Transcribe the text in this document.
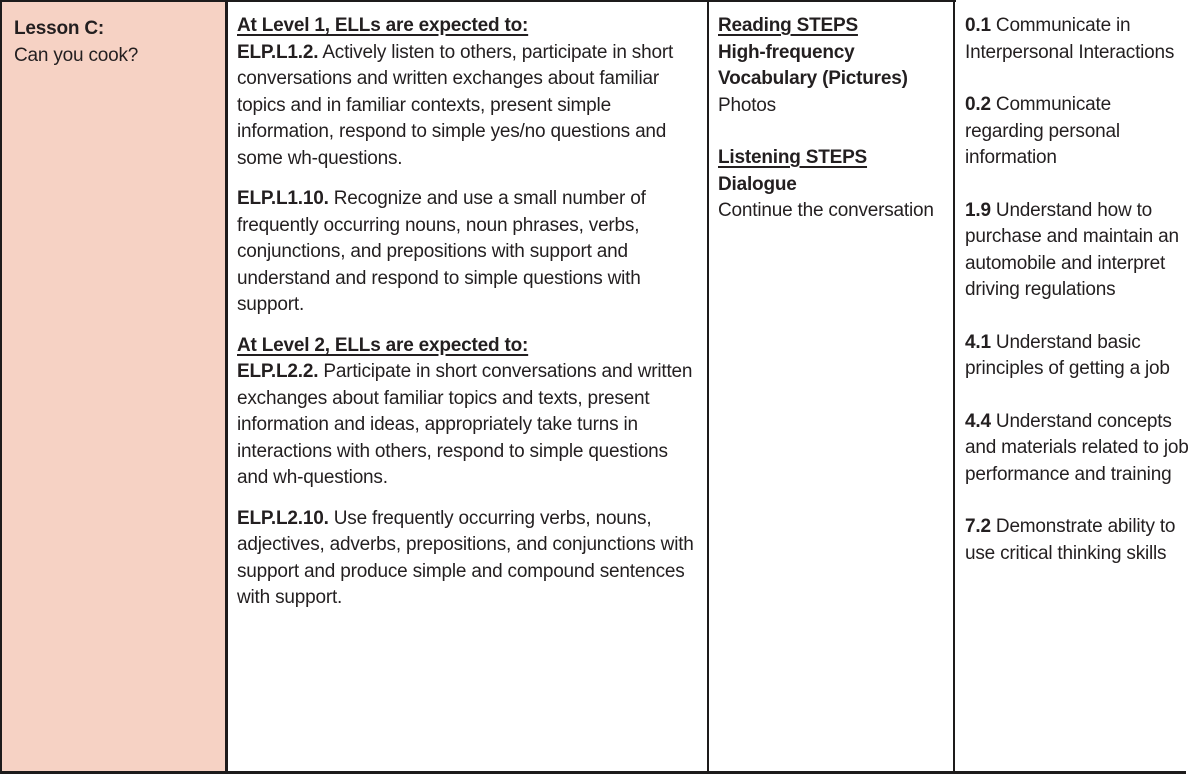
Lesson C:

Can you cook?

At Level 1, ELLs are expected to:

ELP.L1.2. Actively listen to others, participate in short conversations and written exchanges about familiar topics and in familiar contexts, present simple information, respond to simple yes/no questions and some wh-questions.

ELP.L1.10. Recognize and use a small number of frequently occurring nouns, noun phrases, verbs, conjunctions, and prepositions with support and understand and respond to simple questions with support.

At Level 2, ELLs are expected to:

ELP.L2.2. Participate in short conversations and written exchanges about familiar topics and texts, present information and ideas, appropriately take turns in interactions with others, respond to simple questions and wh-questions.

ELP.L2.10. Use frequently occurring verbs, nouns, adjectives, adverbs, prepositions, and conjunctions with support and produce simple and compound sentences with support.

Reading STEPS

High-frequency Vocabulary (Pictures)

Photos

Listening STEPS

Dialogue

Continue the conversation

0.1 Communicate in Interpersonal Interactions

0.2 Communicate regarding personal information

1.9 Understand how to purchase and maintain an automobile and interpret driving regulations

4.1 Understand basic principles of getting a job

4.4 Understand concepts and materials related to job performance and training

7.2 Demonstrate ability to use critical thinking skills
